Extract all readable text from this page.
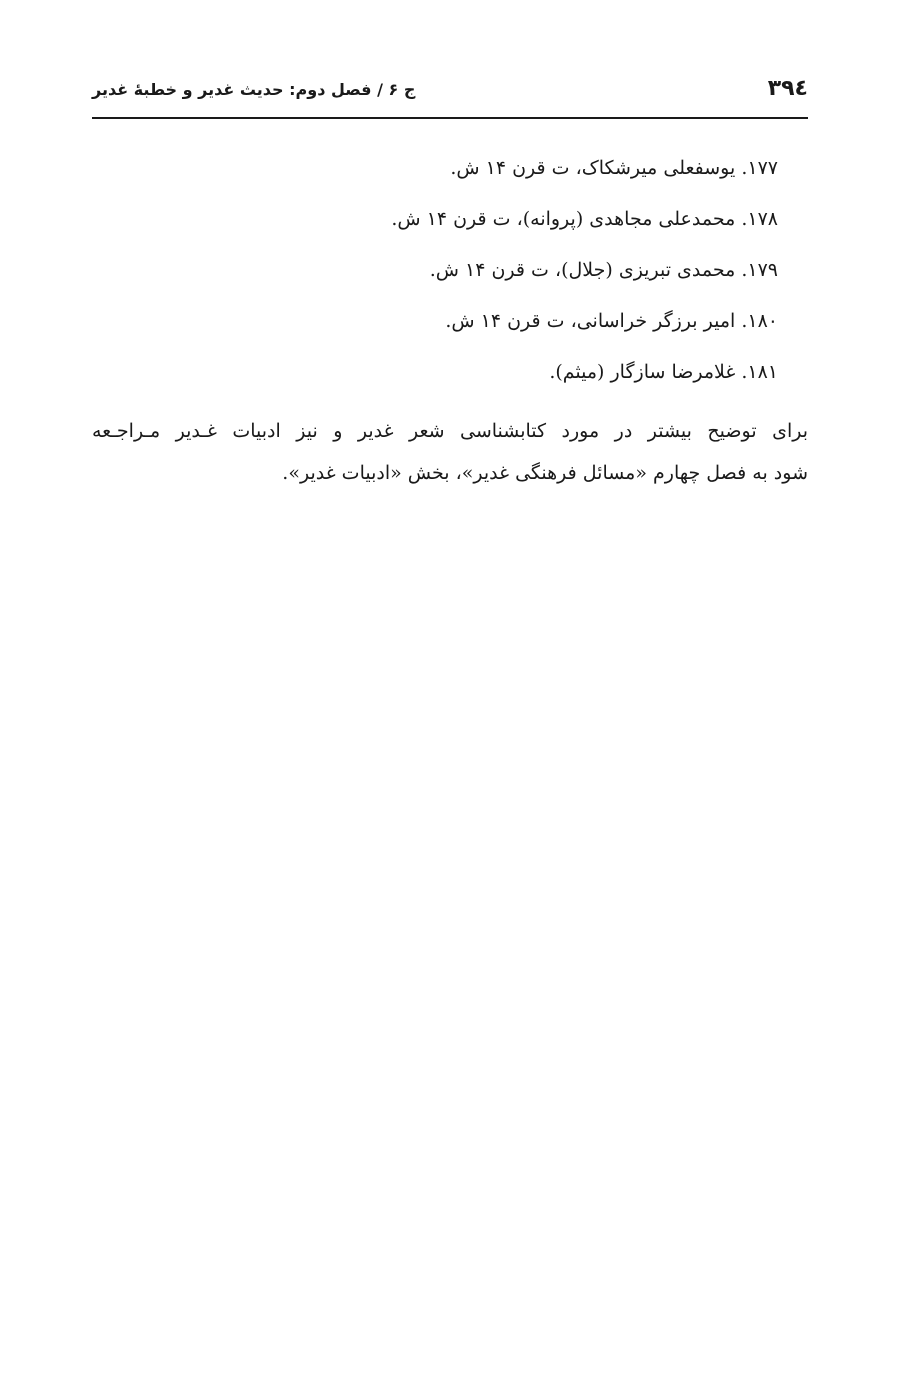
۳۹٤
ج ۶ / فصل دوم: حدیث غدیر و خطبۀ غدیر
۱۷۷. یوسفعلی میرشکاک، ت قرن ۱۴ ش.
۱۷۸. محمدعلی مجاهدی (پروانه)، ت قرن ۱۴ ش.
۱۷۹. محمدی تبریزی (جلال)، ت قرن ۱۴ ش.
۱۸۰. امیر برزگر خراسانی، ت قرن ۱۴ ش.
۱۸۱. غلامرضا سازگار (میثم).

برای توضیح بیشتر در مورد کتابشناسی شعر غدیر و نیز ادبیات غـدیر مـراجـعه
شود به فصل چهارم «مسائل فرهنگی غدیر»، بخش «ادبیات غدیر».
